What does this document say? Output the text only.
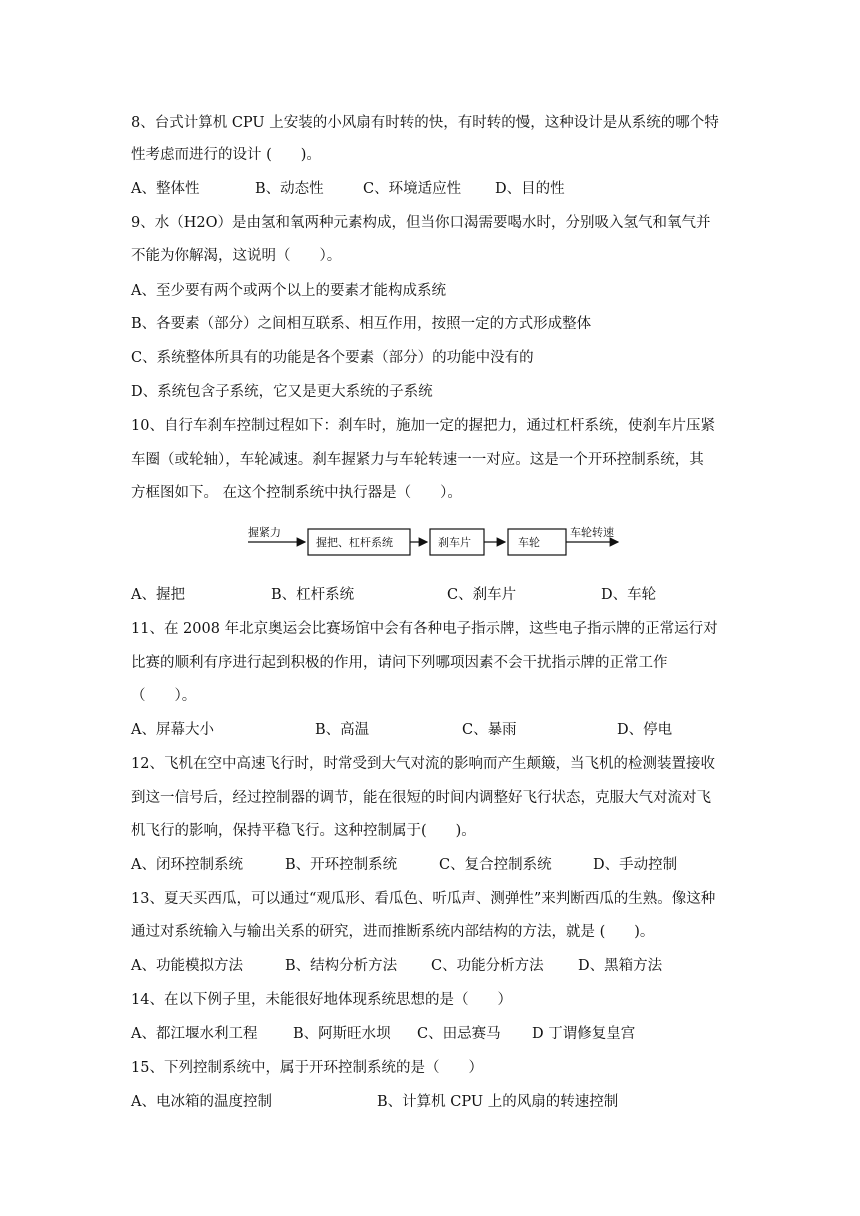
8、台式计算机 CPU 上安装的小风扇有时转的快，有时转的慢，这种设计是从系统的哪个特
性考虑而进行的设计 (　　)。
A、整体性	B、动态性	C、环境适应性 D、目的性
9、水（H2O）是由氢和氧两种元素构成，但当你口渴需要喝水时，分别吸入氢气和氧气并
不能为你解渴，这说明（　　）。
A、至少要有两个或两个以上的要素才能构成系统
B、各要素（部分）之间相互联系、相互作用，按照一定的方式形成整体
C、系统整体所具有的功能是各个要素（部分）的功能中没有的
D、系统包含子系统，它又是更大系统的子系统
10、自行车刹车控制过程如下：刹车时，施加一定的握把力，通过杠杆系统，使刹车片压紧
车圈（或轮轴），车轮减速。刹车握紧力与车轮转速一一对应。这是一个开环控制系统，其
方框图如下。 在这个控制系统中执行器是（　　）。
握紧力
握把、杠杆系统	刹车片	车轮
车轮转速
A、握把	B、杠杆系统	C、刹车片	D、车轮
11、在 2008 年北京奥运会比赛场馆中会有各种电子指示牌，这些电子指示牌的正常运行对
比赛的顺利有序进行起到积极的作用，请问下列哪项因素不会干扰指示牌的正常工作
（　　）。
A、屏幕大小	B、高温	C、暴雨	D、停电
12、飞机在空中高速飞行时，时常受到大气对流的影响而产生颠簸，当飞机的检测装置接收
到这一信号后，经过控制器的调节，能在很短的时间内调整好飞行状态，克服大气对流对飞
机飞行的影响，保持平稳飞行。这种控制属于(　　)。
A、闭环控制系统	B、开环控制系统	C、复合控制系统	D、手动控制
13、夏天买西瓜，可以通过“观瓜形、看瓜色、听瓜声、测弹性”来判断西瓜的生熟。像这种
通过对系统输入与输出关系的研究，进而推断系统内部结构的方法，就是 (　　)。
A、功能模拟方法	B、结构分析方法 C、功能分析方法 D、黑箱方法
14、在以下例子里，未能很好地体现系统思想的是（　　）
A、都江堰水利工程 B、阿斯旺水坝 C、田忌赛马 D 丁谓修复皇宫
15、下列控制系统中，属于开环控制系统的是（　　）
A、电冰箱的温度控制	B、计算机 CPU 上的风扇的转速控制
